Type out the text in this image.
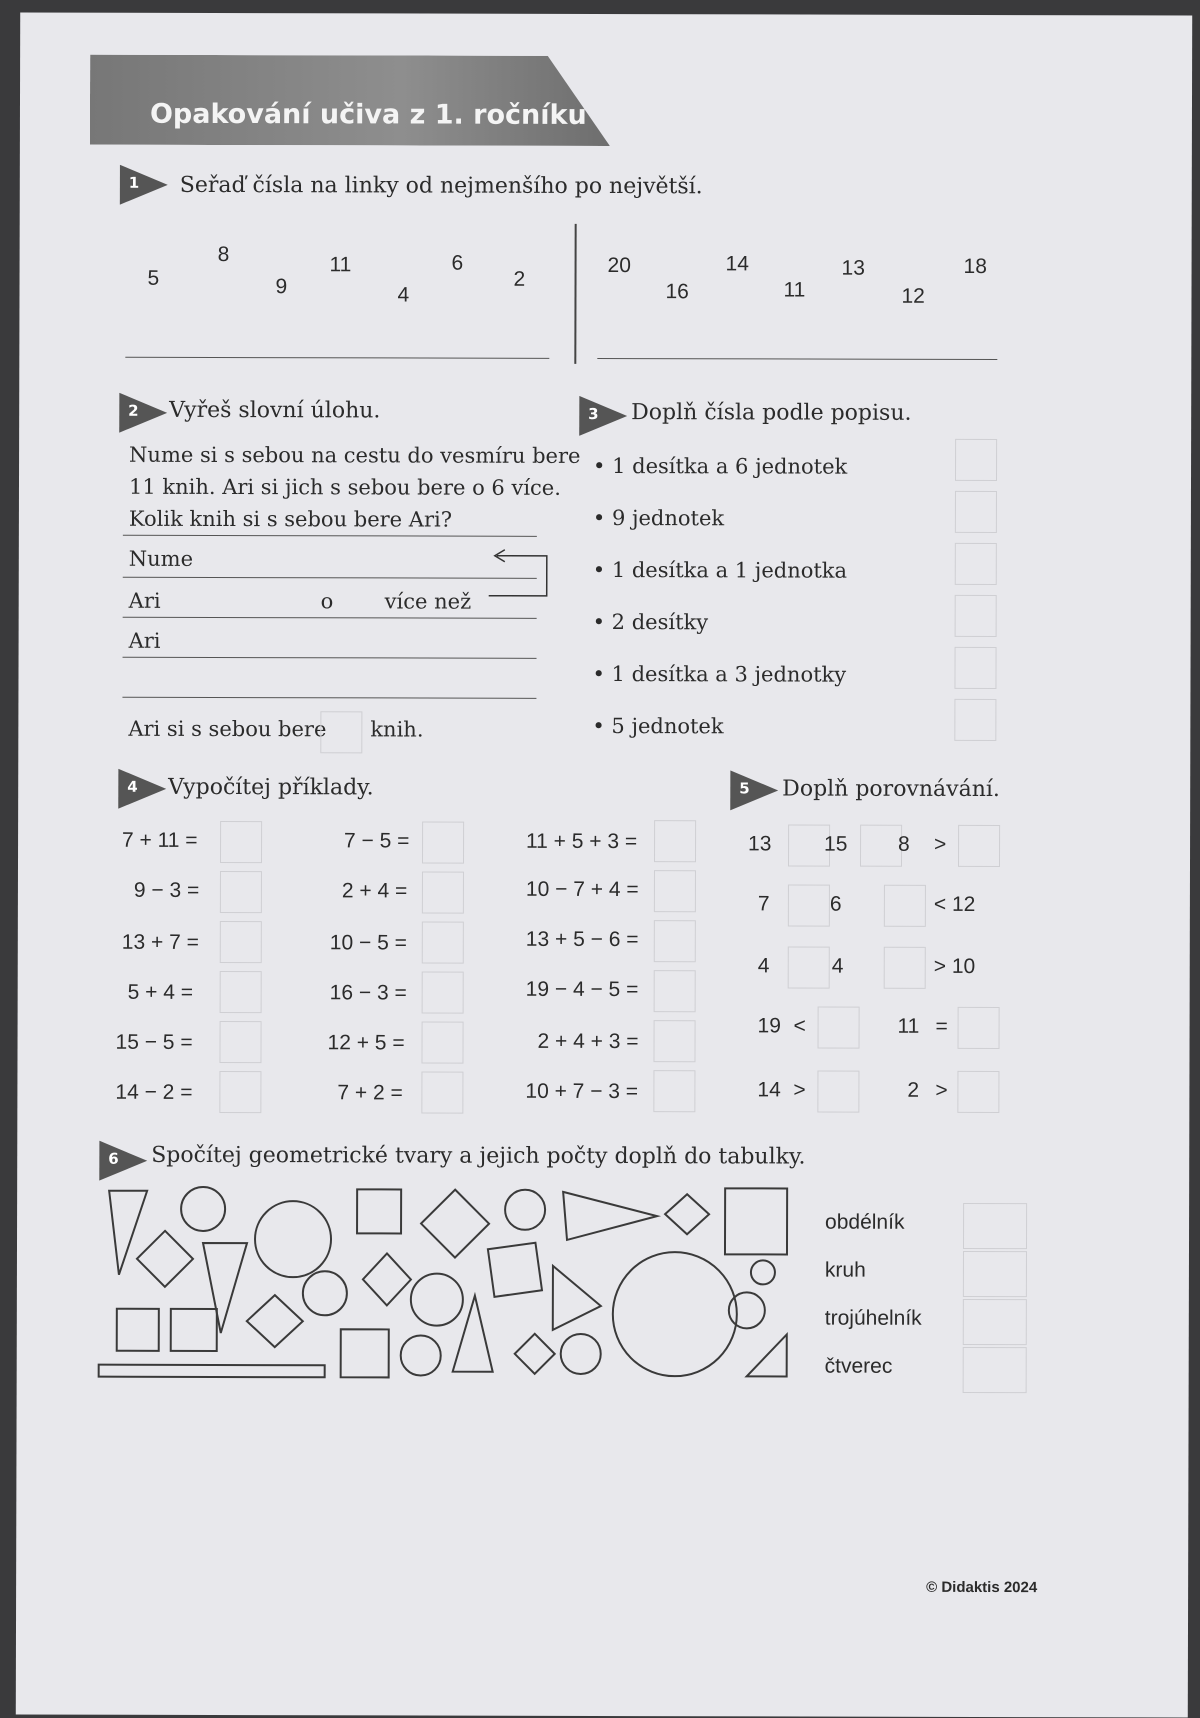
Opakování učiva z 1. ročníku
1 Seřaď čísla na linky od nejmenšího po největší.
5
8
9
11
4
6
2
20
16
14
11
13
12
18
2 Vyřeš slovní úlohu.
Nume si s sebou na cestu do vesmíru bere
11 knih. Ari si jich s sebou bere o 6 více.
Kolik knih si s sebou bere Ari?
Nume
Ari	o více než
Ari
Ari si s sebou bere knih.
3 Doplň čísla podle popisu.
• 1 desítka a 6 jednotek
• 9 jednotek
• 1 desítka a 1 jednotka
• 2 desítky
• 1 desítka a 3 jednotky
• 5 jednotek
4 Vypočítej příklady.
7 + 11 =
9 − 3 =
13 + 7 =
5 + 4 =
15 − 5 =
14 − 2 =
7 − 5 =
2 + 4 =
10 − 5 =
16 − 3 =
12 + 5 =
7 + 2 =
11 + 5 + 3 =
10 − 7 + 4 =
13 + 5 − 6 =
19 − 4 − 5 =
2 + 4 + 3 =
10 + 7 − 3 =
5 Doplň porovnávání.
13	15 8 >
7	6	< 12
4	4	> 10
19 <	11 =
14 >	2 >
6 Spočítej geometrické tvary a jejich počty doplň do tabulky.
obdélník
kruh
trojúhelník
čtverec
© Didaktis 2024
